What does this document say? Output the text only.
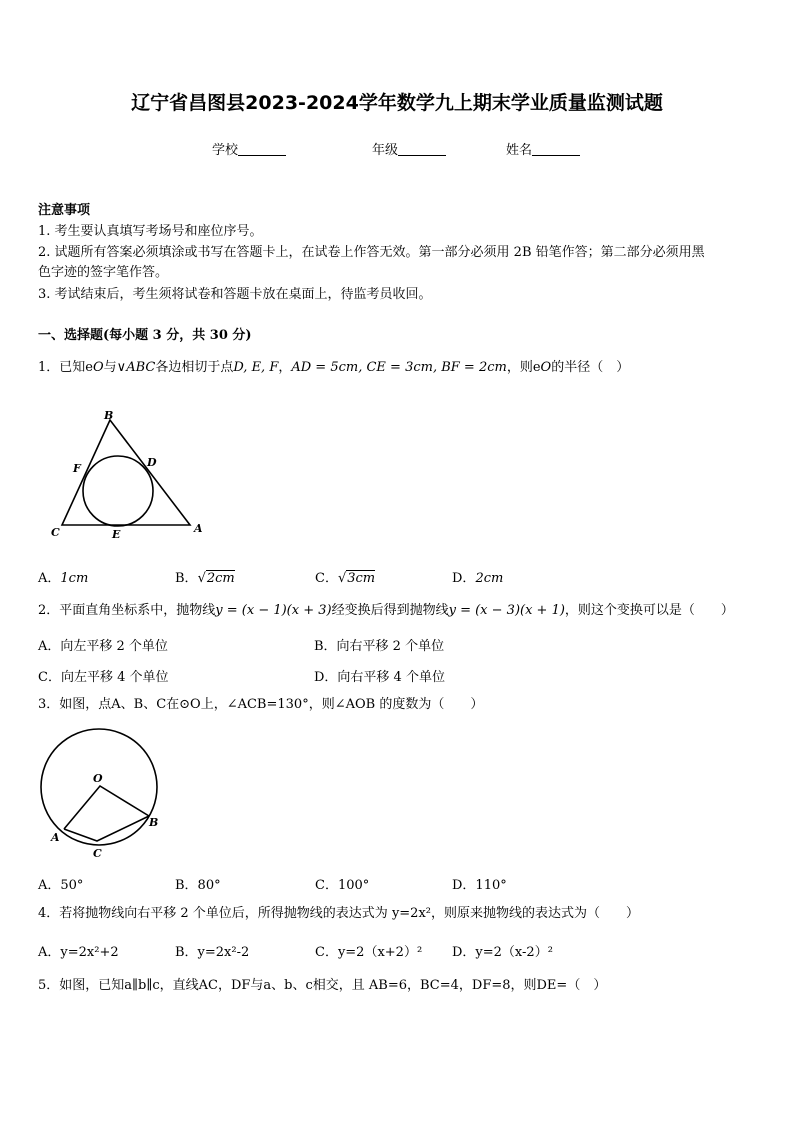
辽宁省昌图县2023-2024学年数学九上期末学业质量监测试题
学校	年级	姓名
注意事项
1. 考生要认真填写考场号和座位序号。
2. 试题所有答案必须填涂或书写在答题卡上，在试卷上作答无效。第一部分必须用 2B 铅笔作答；第二部分必须用黑
色字迹的签字笔作答。
3. 考试结束后，考生须将试卷和答题卡放在桌面上，待监考员收回。
一、选择题(每小题 3 分，共 30 分)
1．已知eO与∨ABC各边相切于点D, E, F，AD = 5cm, CE = 3cm, BF = 2cm，则eO的半径（　）
B
F	D
C	E	A
A．1cm	B．√2cm	C．√3cm	D．2cm
2．平面直角坐标系中，抛物线y = (x − 1)(x + 3)经变换后得到抛物线y = (x − 3)(x + 1)，则这个变换可以是（　　）
A．向左平移 2 个单位	B．向右平移 2 个单位
C．向左平移 4 个单位	D．向右平移 4 个单位
3．如图，点A、B、C在⊙O上，∠ACB=130°，则∠AOB 的度数为（　　）
O
A
B
C
A．50°	B．80°	C．100°	D．110°
4．若将抛物线向右平移 2 个单位后，所得抛物线的表达式为 y=2x²，则原来抛物线的表达式为（　　）
A．y=2x²+2	B．y=2x²-2	C．y=2（x+2）² D．y=2（x-2）²
5．如图，已知a∥b∥c，直线AC，DF与a、b、c相交，且 AB=6，BC=4，DF=8，则DE=（　）
